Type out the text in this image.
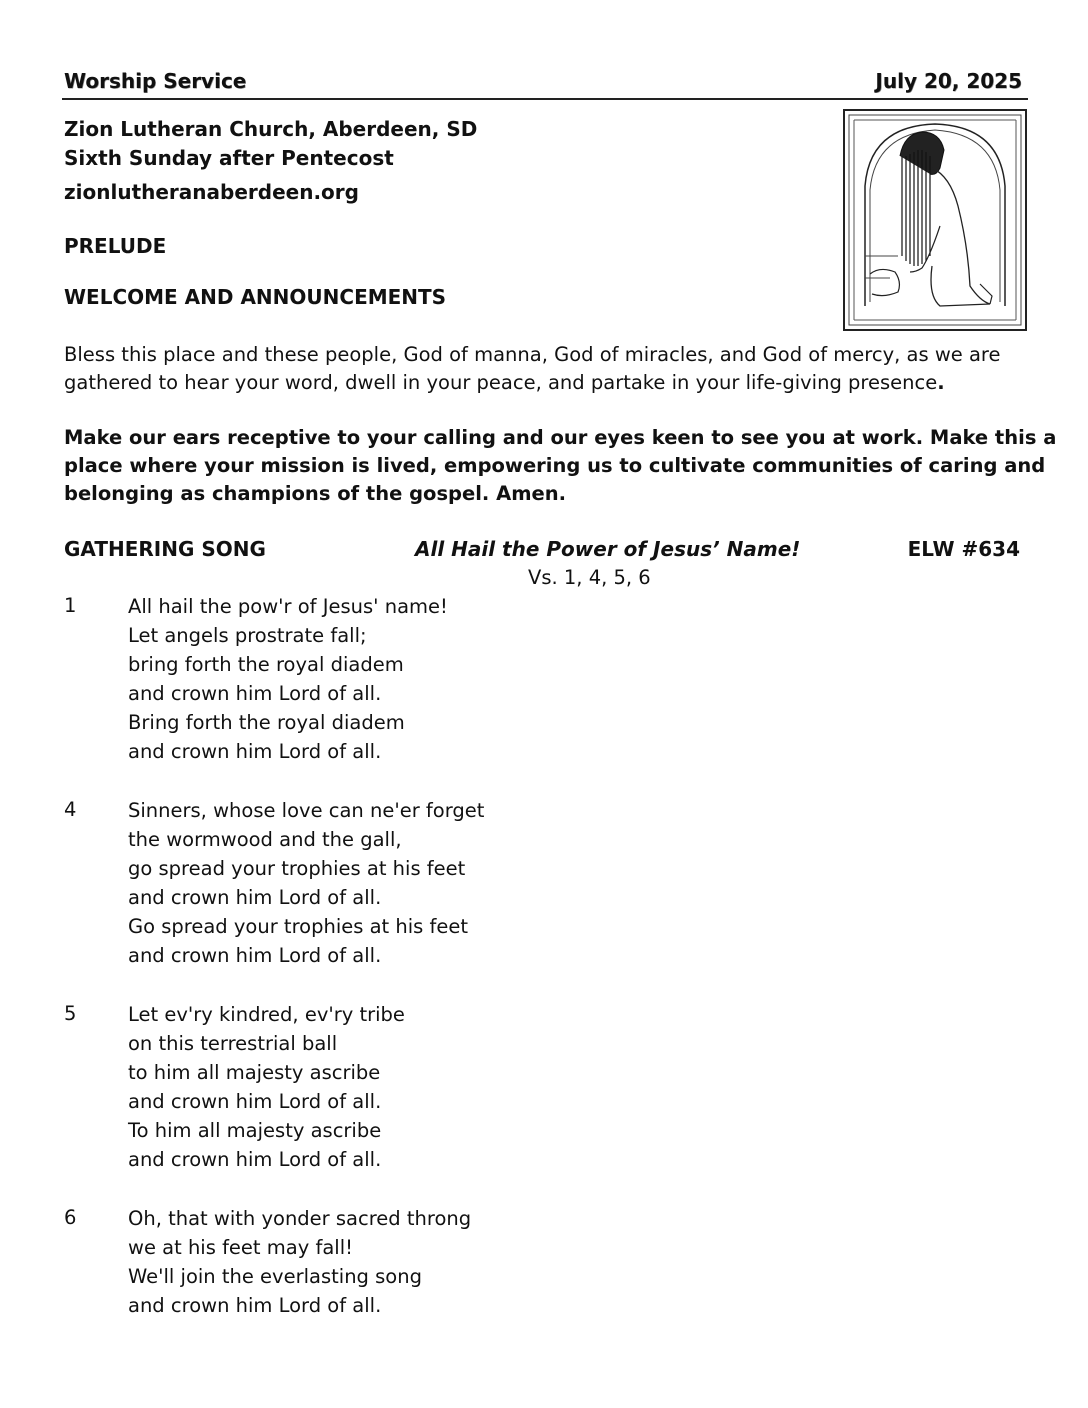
Worship Service	July 20, 2025
Zion Lutheran Church, Aberdeen, SD
Sixth Sunday after Pentecost
zionlutheranaberdeen.org
PRELUDE
WELCOME AND ANNOUNCEMENTS
Bless this place and these people, God of manna, God of miracles, and God of mercy, as we are
gathered to hear your word, dwell in your peace, and partake in your life-giving presence.
Make our ears receptive to your calling and our eyes keen to see you at work. Make this a
place where your mission is lived, empowering us to cultivate communities of caring and
belonging as champions of the gospel. Amen.
GATHERING SONG	All Hail the Power of Jesus’ Name!	ELW #634
Vs. 1, 4, 5, 6
1	All hail the pow'r of Jesus' name!
Let angels prostrate fall;
bring forth the royal diadem
and crown him Lord of all.
Bring forth the royal diadem
and crown him Lord of all.
4	Sinners, whose love can ne'er forget
the wormwood and the gall,
go spread your trophies at his feet
and crown him Lord of all.
Go spread your trophies at his feet
and crown him Lord of all.
5	Let ev'ry kindred, ev'ry tribe
on this terrestrial ball
to him all majesty ascribe
and crown him Lord of all.
To him all majesty ascribe
and crown him Lord of all.
6	Oh, that with yonder sacred throng
we at his feet may fall!
We'll join the everlasting song
and crown him Lord of all.
